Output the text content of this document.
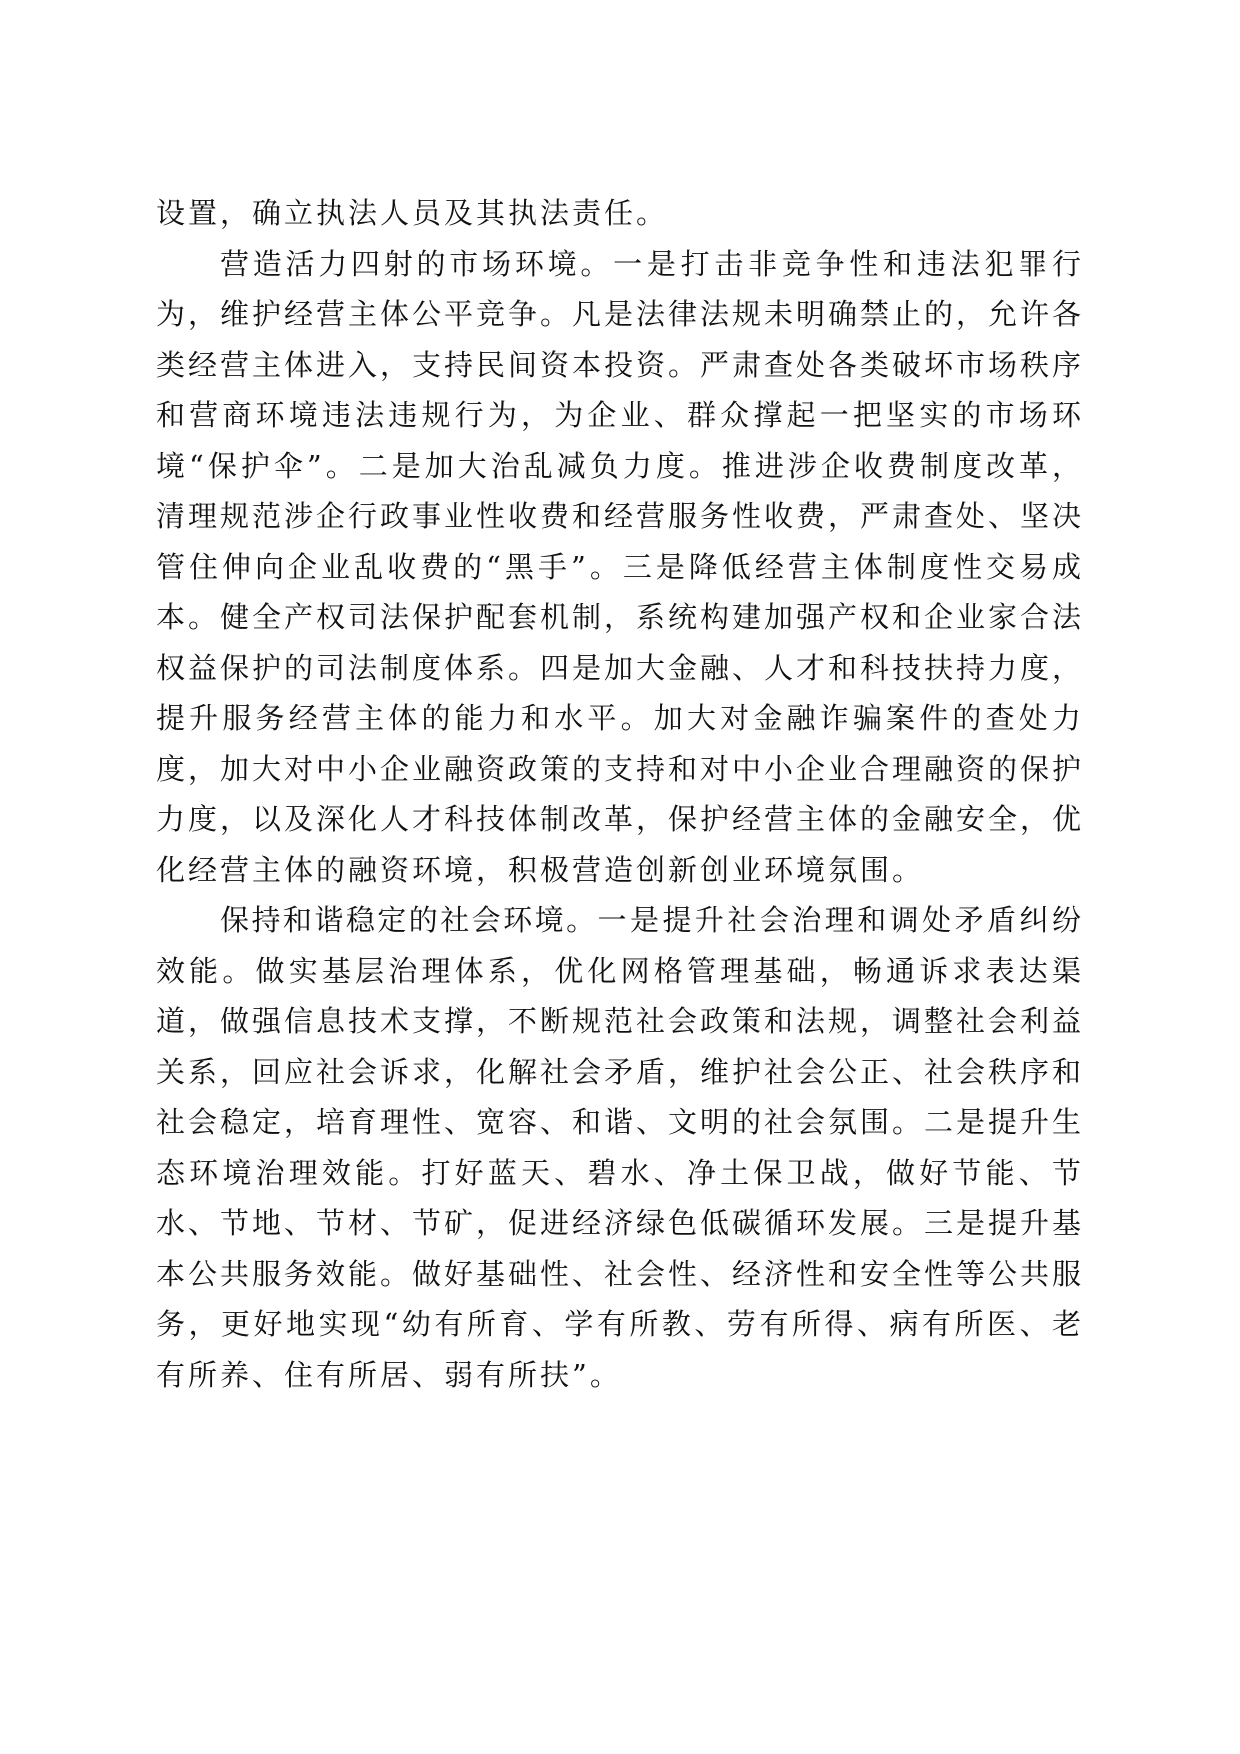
设置，确立执法人员及其执法责任。

营造活力四射的市场环境。一是打击非竞争性和违法犯罪行为，维护经营主体公平竞争。凡是法律法规未明确禁止的，允许各类经营主体进入，支持民间资本投资。严肃查处各类破坏市场秩序和营商环境违法违规行为，为企业、群众撑起一把坚实的市场环境“保护伞”。二是加大治乱减负力度。推进涉企收费制度改革，清理规范涉企行政事业性收费和经营服务性收费，严肃查处、坚决管住伸向企业乱收费的“黑手”。三是降低经营主体制度性交易成本。健全产权司法保护配套机制，系统构建加强产权和企业家合法权益保护的司法制度体系。四是加大金融、人才和科技扶持力度，提升服务经营主体的能力和水平。加大对金融诈骗案件的查处力度，加大对中小企业融资政策的支持和对中小企业合理融资的保护力度，以及深化人才科技体制改革，保护经营主体的金融安全，优化经营主体的融资环境，积极营造创新创业环境氛围。

保持和谐稳定的社会环境。一是提升社会治理和调处矛盾纠纷效能。做实基层治理体系，优化网格管理基础，畅通诉求表达渠道，做强信息技术支撑，不断规范社会政策和法规，调整社会利益关系，回应社会诉求，化解社会矛盾，维护社会公正、社会秩序和社会稳定，培育理性、宽容、和谐、文明的社会氛围。二是提升生态环境治理效能。打好蓝天、碧水、净土保卫战，做好节能、节水、节地、节材、节矿，促进经济绿色低碳循环发展。三是提升基本公共服务效能。做好基础性、社会性、经济性和安全性等公共服务，更好地实现“幼有所育、学有所教、劳有所得、病有所医、老有所养、住有所居、弱有所扶”。
